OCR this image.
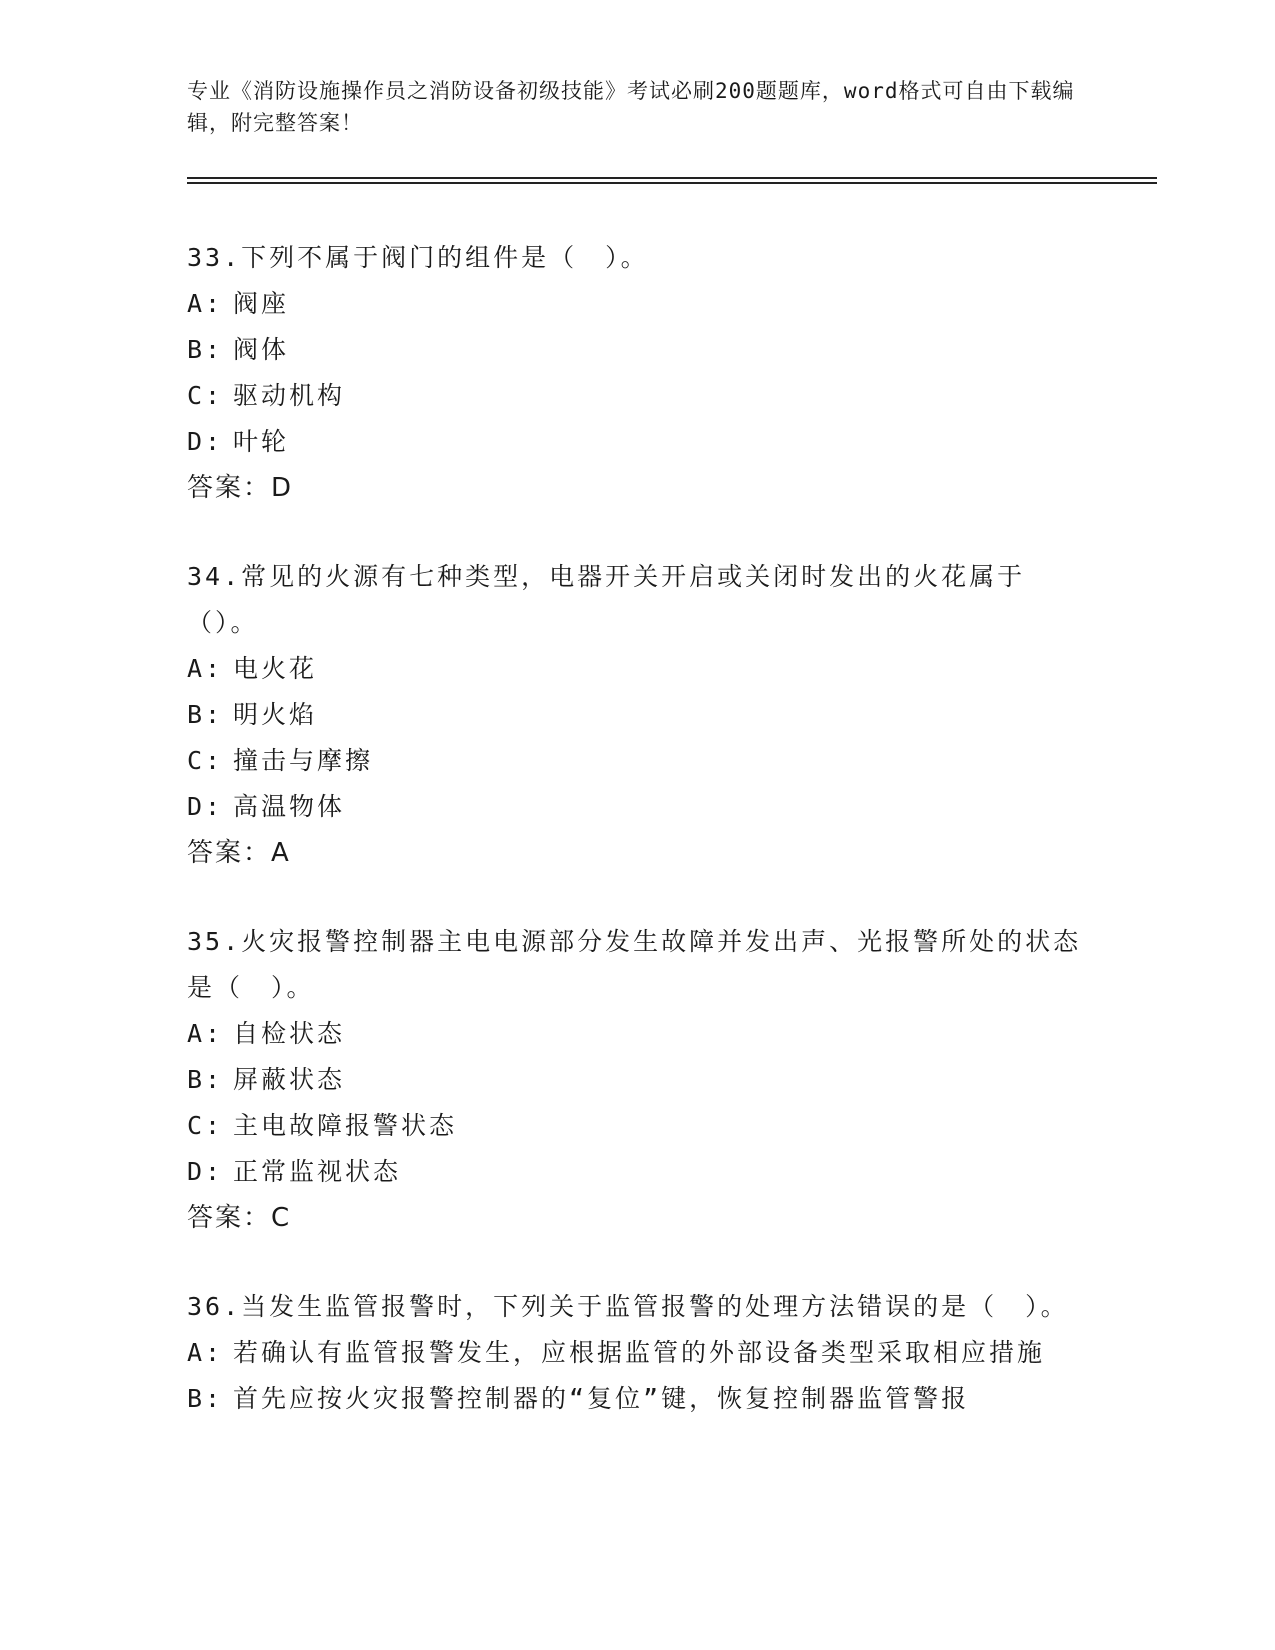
专业《消防设施操作员之消防设备初级技能》考试必刷200题题库，word格式可自由下载编辑，附完整答案！

33.下列不属于阀门的组件是（　）。

A: 阀座

B: 阀体

C: 驱动机构

D: 叶轮

答案：D

34.常见的火源有七种类型，电器开关开启或关闭时发出的火花属于（）。

A: 电火花

B: 明火焰

C: 撞击与摩擦

D: 高温物体

答案：A

35.火灾报警控制器主电电源部分发生故障并发出声、光报警所处的状态是（　）。

A: 自检状态

B: 屏蔽状态

C: 主电故障报警状态

D: 正常监视状态

答案：C

36.当发生监管报警时，下列关于监管报警的处理方法错误的是（　）。

A: 若确认有监管报警发生，应根据监管的外部设备类型采取相应措施

B: 首先应按火灾报警控制器的“复位”键，恢复控制器监管警报
